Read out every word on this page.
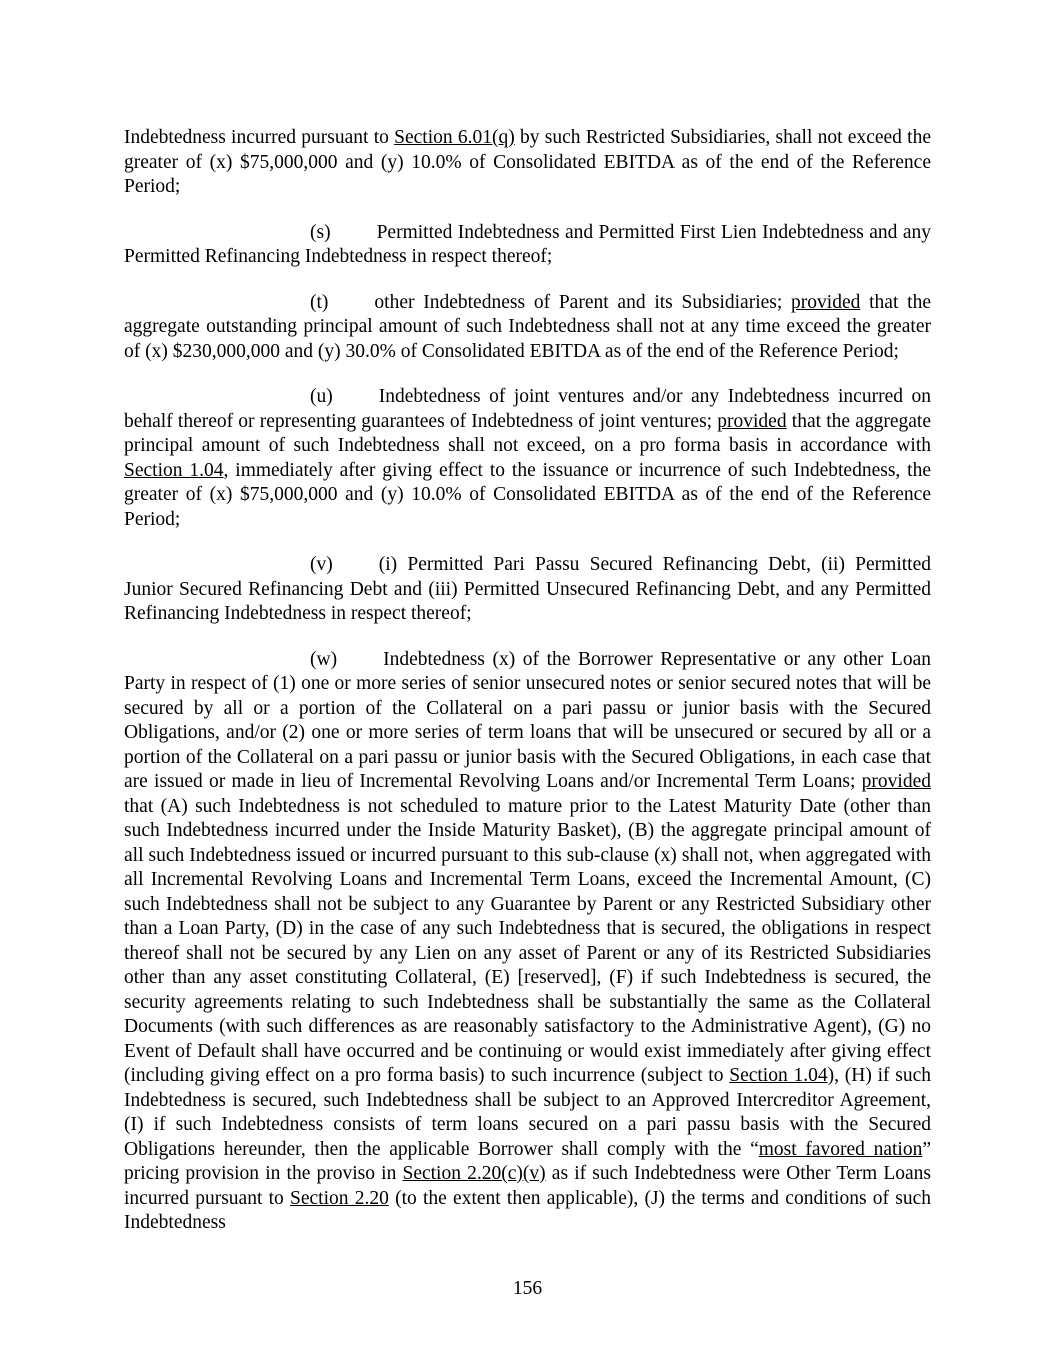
Indebtedness incurred pursuant to Section 6.01(q) by such Restricted Subsidiaries, shall not exceed the greater of (x) $75,000,000 and (y) 10.0% of Consolidated EBITDA as of the end of the Reference Period;

(s) Permitted Indebtedness and Permitted First Lien Indebtedness and any Permitted Refinancing Indebtedness in respect thereof;

(t) other Indebtedness of Parent and its Subsidiaries; provided that the aggregate outstanding principal amount of such Indebtedness shall not at any time exceed the greater of (x) $230,000,000 and (y) 30.0% of Consolidated EBITDA as of the end of the Reference Period;

(u) Indebtedness of joint ventures and/or any Indebtedness incurred on behalf thereof or representing guarantees of Indebtedness of joint ventures; provided that the aggregate principal amount of such Indebtedness shall not exceed, on a pro forma basis in accordance with Section 1.04, immediately after giving effect to the issuance or incurrence of such Indebtedness, the greater of (x) $75,000,000 and (y) 10.0% of Consolidated EBITDA as of the end of the Reference Period;

(v) (i) Permitted Pari Passu Secured Refinancing Debt, (ii) Permitted Junior Secured Refinancing Debt and (iii) Permitted Unsecured Refinancing Debt, and any Permitted Refinancing Indebtedness in respect thereof;

(w) Indebtedness (x) of the Borrower Representative or any other Loan Party in respect of (1) one or more series of senior unsecured notes or senior secured notes that will be secured by all or a portion of the Collateral on a pari passu or junior basis with the Secured Obligations, and/or (2) one or more series of term loans that will be unsecured or secured by all or a portion of the Collateral on a pari passu or junior basis with the Secured Obligations, in each case that are issued or made in lieu of Incremental Revolving Loans and/or Incremental Term Loans; provided that (A) such Indebtedness is not scheduled to mature prior to the Latest Maturity Date (other than such Indebtedness incurred under the Inside Maturity Basket), (B) the aggregate principal amount of all such Indebtedness issued or incurred pursuant to this sub-clause (x) shall not, when aggregated with all Incremental Revolving Loans and Incremental Term Loans, exceed the Incremental Amount, (C) such Indebtedness shall not be subject to any Guarantee by Parent or any Restricted Subsidiary other than a Loan Party, (D) in the case of any such Indebtedness that is secured, the obligations in respect thereof shall not be secured by any Lien on any asset of Parent or any of its Restricted Subsidiaries other than any asset constituting Collateral, (E) [reserved], (F) if such Indebtedness is secured, the security agreements relating to such Indebtedness shall be substantially the same as the Collateral Documents (with such differences as are reasonably satisfactory to the Administrative Agent), (G) no Event of Default shall have occurred and be continuing or would exist immediately after giving effect (including giving effect on a pro forma basis) to such incurrence (subject to Section 1.04), (H) if such Indebtedness is secured, such Indebtedness shall be subject to an Approved Intercreditor Agreement, (I) if such Indebtedness consists of term loans secured on a pari passu basis with the Secured Obligations hereunder, then the applicable Borrower shall comply with the “most favored nation” pricing provision in the proviso in Section 2.20(c)(v) as if such Indebtedness were Other Term Loans incurred pursuant to Section 2.20 (to the extent then applicable), (J) the terms and conditions of such Indebtedness

156
